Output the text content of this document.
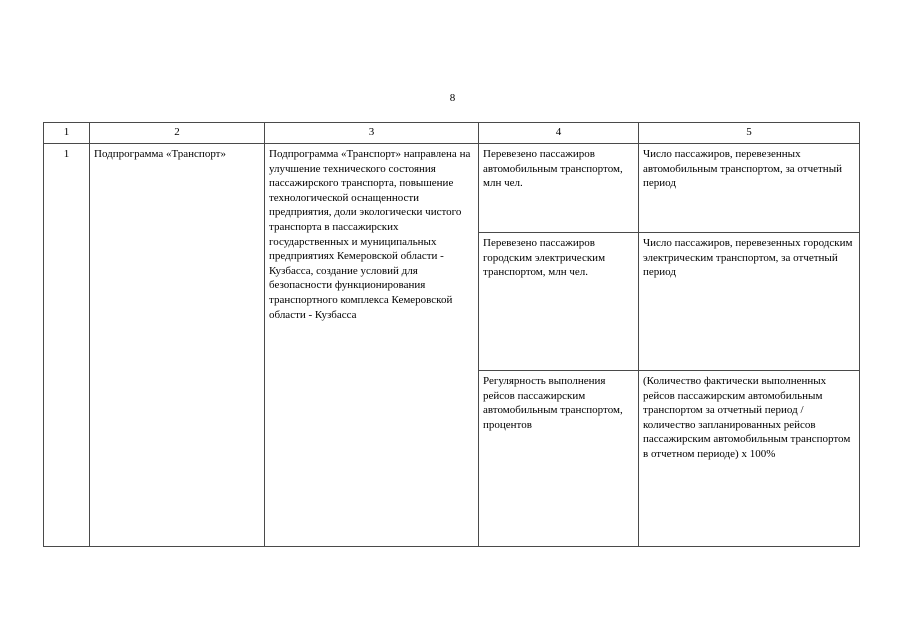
8
1	2	3	4	5
1	Подпрограмма «Транспорт»	Подпрограмма «Транспорт» направлена на улучшение технического состояния пассажирского транспорта, повышение технологической оснащенности предприятия, доли экологически чистого транспорта в пассажирских государственных и муниципальных предприятиях Кемеровской области - Кузбасса, создание условий для безопасности функционирования транспортного комплекса Кемеровской области - Кузбасса	Перевезено пассажиров автомобильным транспортом, млн чел.	Число пассажиров, перевезенных автомобильным транспортом, за отчетный период

			Перевезено пассажиров городским электрическим транспортом, млн чел.	Число пассажиров, перевезенных городским электрическим транспортом, за отчетный период

			Регулярность выполнения рейсов пассажирским автомобильным транспортом, процентов	(Количество фактически выполненных рейсов пассажирским автомобильным транспортом за отчетный период / количество запланированных рейсов пассажирским автомобильным транспортом в отчетном периоде) x 100%
